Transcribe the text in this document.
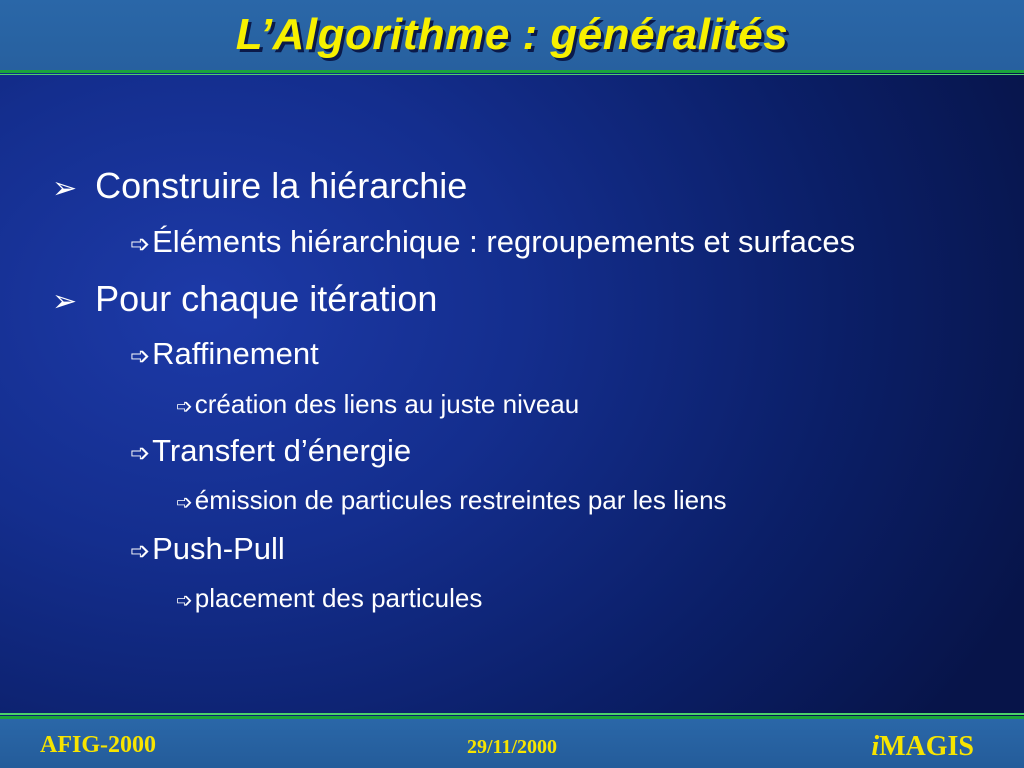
L’Algorithme : généralités
➢ Construire la hiérarchie
➩Éléments hiérarchique : regroupements et surfaces
➢ Pour chaque itération
➩Raffinement
➩création des liens au juste niveau
➩Transfert d’énergie
➩émission de particules restreintes par les liens
➩Push-Pull
➩placement des particules
AFIG-2000	29/11/2000	iMAGIS
